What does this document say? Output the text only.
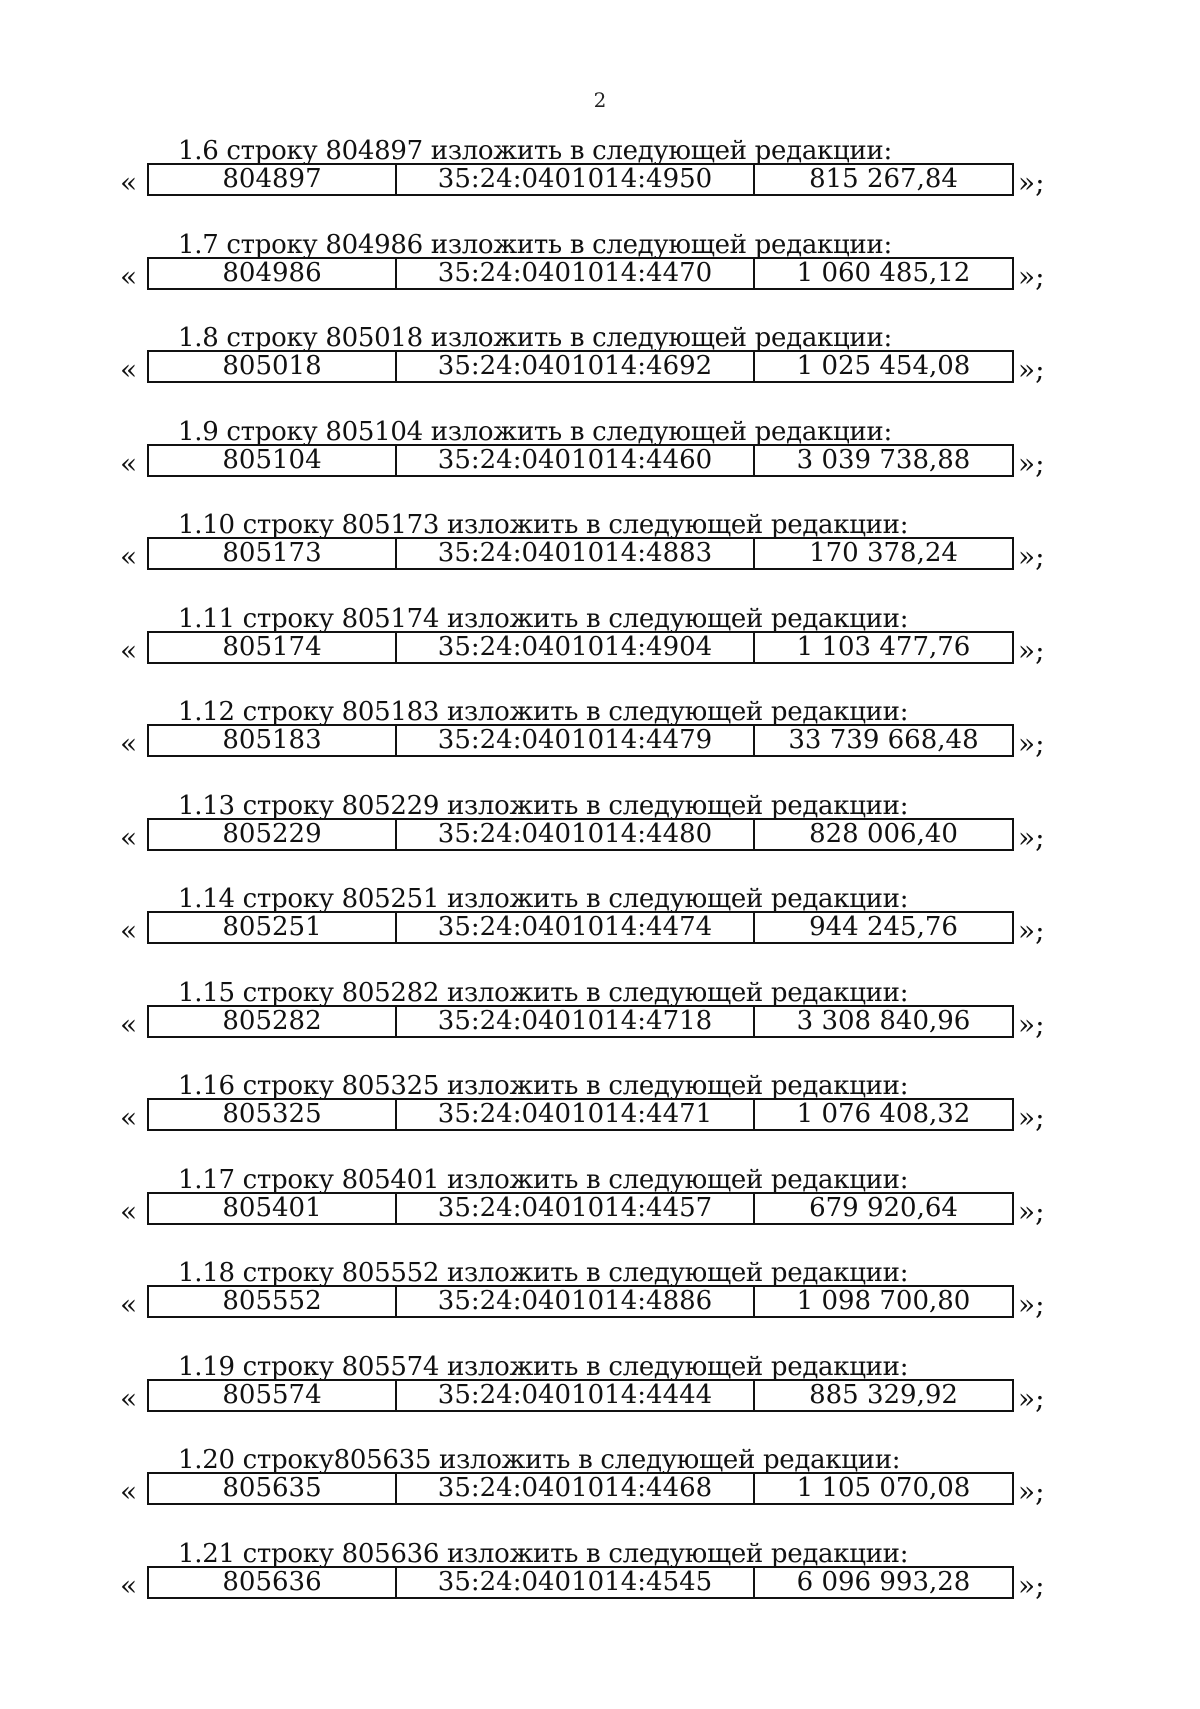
2
1.6 строку 804897 изложить в следующей редакции:
«	804897	35:24:0401014:4950	815 267,84	»;
1.7 строку 804986 изложить в следующей редакции:
«	804986	35:24:0401014:4470	1 060 485,12	»;
1.8 строку 805018 изложить в следующей редакции:
«	805018	35:24:0401014:4692	1 025 454,08	»;
1.9 строку 805104 изложить в следующей редакции:
«	805104	35:24:0401014:4460	3 039 738,88	»;
1.10 строку 805173 изложить в следующей редакции:
«	805173	35:24:0401014:4883	170 378,24	»;
1.11 строку 805174 изложить в следующей редакции:
«	805174	35:24:0401014:4904	1 103 477,76	»;
1.12 строку 805183 изложить в следующей редакции:
«	805183	35:24:0401014:4479	33 739 668,48	»;
1.13 строку 805229 изложить в следующей редакции:
«	805229	35:24:0401014:4480	828 006,40	»;
1.14 строку 805251 изложить в следующей редакции:
«	805251	35:24:0401014:4474	944 245,76	»;
1.15 строку 805282 изложить в следующей редакции:
«	805282	35:24:0401014:4718	3 308 840,96	»;
1.16 строку 805325 изложить в следующей редакции:
«	805325	35:24:0401014:4471	1 076 408,32	»;
1.17 строку 805401 изложить в следующей редакции:
«	805401	35:24:0401014:4457	679 920,64	»;
1.18 строку 805552 изложить в следующей редакции:
«	805552	35:24:0401014:4886	1 098 700,80	»;
1.19 строку 805574 изложить в следующей редакции:
«	805574	35:24:0401014:4444	885 329,92	»;
1.20 строку805635 изложить в следующей редакции:
«	805635	35:24:0401014:4468	1 105 070,08	»;
1.21 строку 805636 изложить в следующей редакции:
«	805636	35:24:0401014:4545	6 096 993,28	»;
